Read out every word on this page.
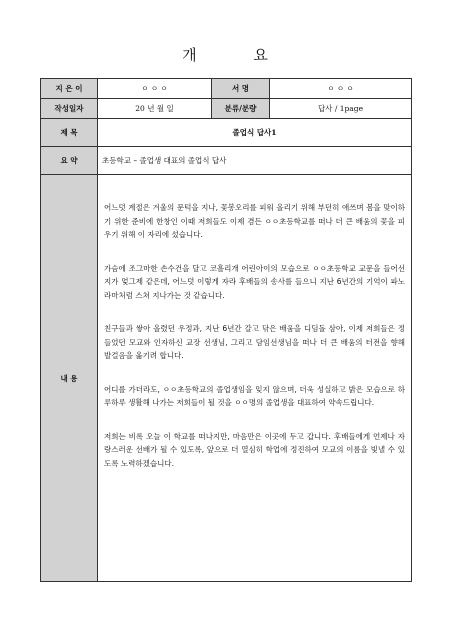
개 요
지 은 이	ㅇ ㅇ ㅇ	서 명	ㅇ ㅇ ㅇ
작성일자	20 년 월 일	분류/분량	답사 / 1page
제 목	졸업식 답사1		
요 약	초등학교 – 졸업생 대표의 졸업식 답사		
내 용	어느덧 계절은 겨울의 문턱을 지나, 꽃봉오리를 피워 올리기 위해 부던히 애쓰며 봄을 맞이하기 위한 준비에 한창인 이때 저희들도 이제 겸든 ㅇㅇ초등학교를 떠나 더 큰 배움의 꽃을 피우기 위해 이 자리에 섰습니다.

가슴에 조그마한 손수건을 달고 코흘리개 어린아이의 모습으로 ㅇㅇ초등학교 교문을 들어선 지가 엊그제 같은데, 어느덧 이렇게 자라 후배들의 송사를 들으니 지난 6년간의 기억이 파노라마처럼 스쳐 지나가는 것 같습니다.

친구들과 쌓아 올렸던 우정과, 지난 6년간 갈고 닦은 배움을 디딤돌 삼아, 이제 저희들은 정들었던 모교와 인자하신 교장 선생님, 그리고 담임선생님을 떠나 더 큰 배움의 터전을 향해 발걸음을 옮기려 합니다.

어디를 가더라도, ㅇㅇ초등학교의 졸업생임을 잊지 않으며, 더욱 성실하고 밝은 모습으로 하루하루 생활해 나가는 저희들이 될 것을 ㅇㅇ명의 졸업생을 대표하여 약속드립니다.

저희는 비록 오늘 이 학교를 떠나지만, 마음만은 이곳에 두고 갑니다. 후배들에게 언제나 자랑스러운 선배가 될 수 있도록, 앞으로 더 열심히 학업에 정진하여 모교의 이름을 빛낼 수 있도록 노력하겠습니다.		
